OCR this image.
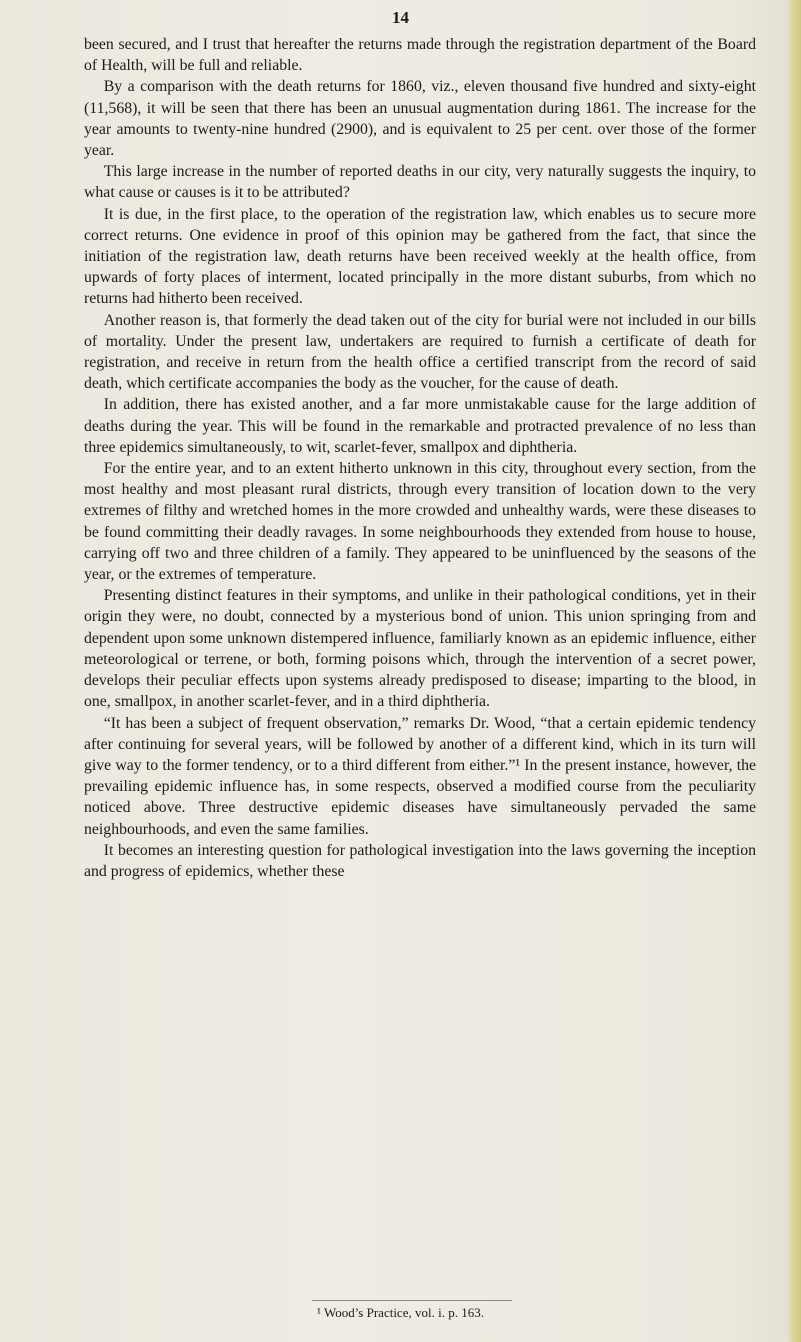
14

been secured, and I trust that hereafter the returns made through the registration department of the Board of Health, will be full and reliable.

By a comparison with the death returns for 1860, viz., eleven thousand five hundred and sixty-eight (11,568), it will be seen that there has been an unusual augmentation during 1861. The increase for the year amounts to twenty-nine hundred (2900), and is equivalent to 25 per cent. over those of the former year.

This large increase in the number of reported deaths in our city, very naturally suggests the inquiry, to what cause or causes is it to be attributed?

It is due, in the first place, to the operation of the registration law, which enables us to secure more correct returns. One evidence in proof of this opinion may be gathered from the fact, that since the initiation of the registration law, death returns have been received weekly at the health office, from upwards of forty places of interment, located principally in the more distant suburbs, from which no returns had hitherto been received.

Another reason is, that formerly the dead taken out of the city for burial were not included in our bills of mortality. Under the present law, undertakers are required to furnish a certificate of death for registration, and receive in return from the health office a certified transcript from the record of said death, which certificate accompanies the body as the voucher, for the cause of death.

In addition, there has existed another, and a far more unmistakable cause for the large addition of deaths during the year. This will be found in the remarkable and protracted prevalence of no less than three epidemics simultaneously, to wit, scarlet-fever, smallpox and diphtheria.

For the entire year, and to an extent hitherto unknown in this city, throughout every section, from the most healthy and most pleasant rural districts, through every transition of location down to the very extremes of filthy and wretched homes in the more crowded and unhealthy wards, were these diseases to be found committing their deadly ravages. In some neighbourhoods they extended from house to house, carrying off two and three children of a family. They appeared to be uninfluenced by the seasons of the year, or the extremes of temperature.

Presenting distinct features in their symptoms, and unlike in their pathological conditions, yet in their origin they were, no doubt, connected by a mysterious bond of union. This union springing from and dependent upon some unknown distempered influence, familiarly known as an epidemic influence, either meteorological or terrene, or both, forming poisons which, through the intervention of a secret power, develops their peculiar effects upon systems already predisposed to disease; imparting to the blood, in one, smallpox, in another scarlet-fever, and in a third diphtheria.

“It has been a subject of frequent observation,” remarks Dr. Wood, “that a certain epidemic tendency after continuing for several years, will be followed by another of a different kind, which in its turn will give way to the former tendency, or to a third different from either.”¹ In the present instance, however, the prevailing epidemic influence has, in some respects, observed a modified course from the peculiarity noticed above. Three destructive epidemic diseases have simultaneously pervaded the same neighbourhoods, and even the same families.

It becomes an interesting question for pathological investigation into the laws governing the inception and progress of epidemics, whether these

¹ Wood’s Practice, vol. i. p. 163.
